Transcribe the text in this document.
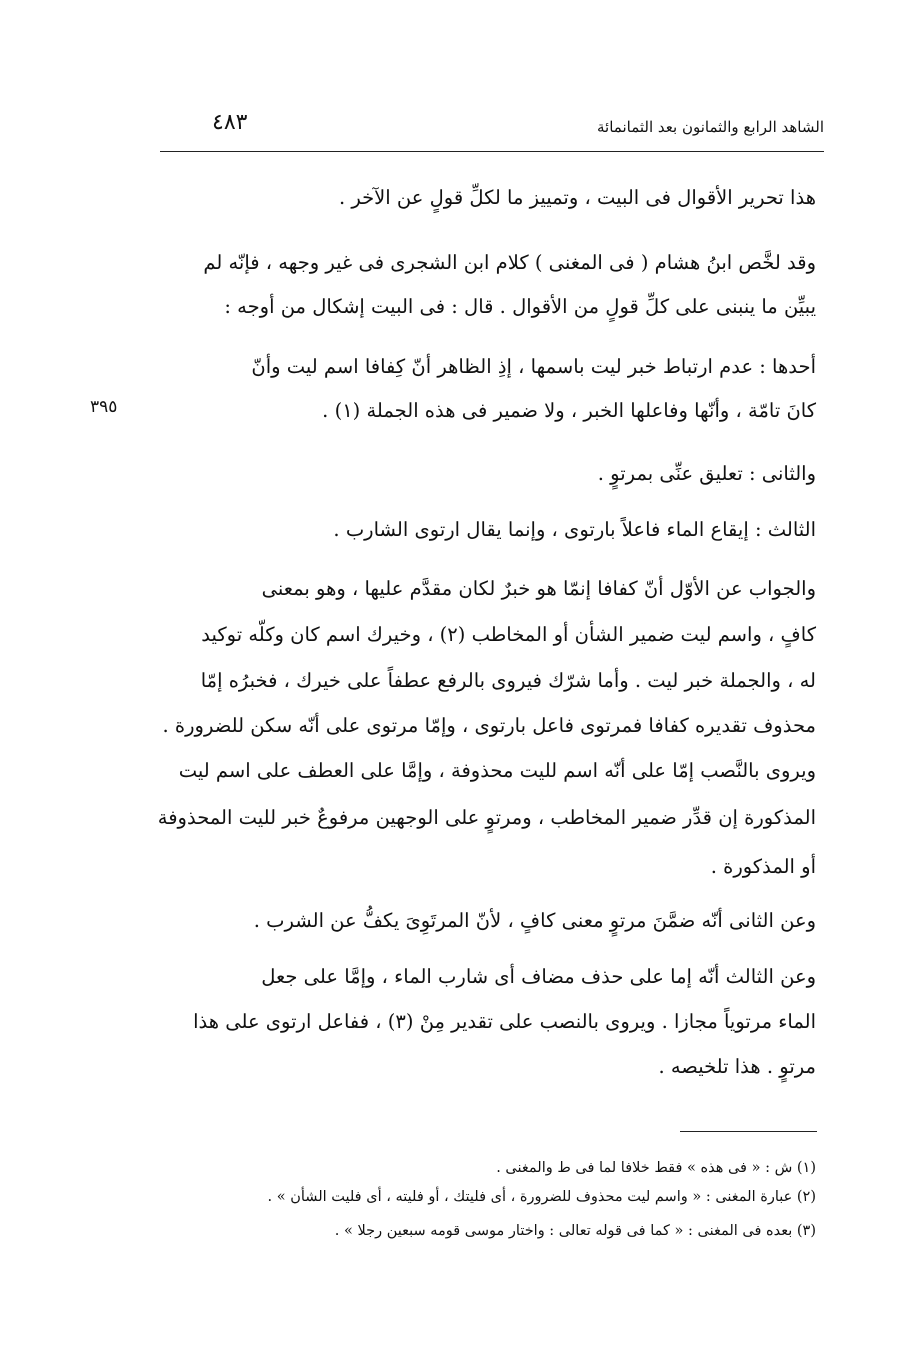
الشاهد الرابع والثمانون بعد الثمانمائة
٤٨٣
٣٩٥
هذا تحرير الأقوال فى البيت ، وتمييز ما لكلِّ قولٍ عن الآخر .
وقد لخَّص ابنُ هشام ( فى المغنى ) كلام ابن الشجرى فى غير وجهه ، فإنّه لم
يبيِّن ما ينبنى على كلِّ قولٍ من الأقوال . قال : فى البيت إشكال من أوجه :
أحدها : عدم ارتباط خبر ليت باسمها ، إذِ الظاهر أنّ كِفافا اسم ليت وأنّ
كانَ تامّة ، وأنّها وفاعلها الخبر ، ولا ضمير فى هذه الجملة (١) .
والثانى : تعليق عنِّى بمرتوٍ .
الثالث : إيقاع الماء فاعلاً بارتوى ، وإنما يقال ارتوى الشارب .
والجواب عن الأوّل أنّ كفافا إنمّا هو خبرٌ لكان مقدَّم عليها ، وهو بمعنى
كافٍ ، واسم ليت ضمير الشأن أو المخاطب (٢) ، وخيرك اسم كان وكلّه توكيد
له ، والجملة خبر ليت . وأما شرّك فيروى بالرفع عطفاً على خيرك ، فخبرُه إمّا
محذوف تقديره كفافا فمرتوى فاعل بارتوى ، وإمّا مرتوى على أنّه سكن للضرورة .
ويروى بالنَّصب إمّا على أنّه اسم لليت محذوفة ، وإمَّا على العطف على اسم ليت
المذكورة إن قدِّر ضمير المخاطب ، ومرتوٍ على الوجهين مرفوعٌ خبر لليت المحذوفة
أو المذكورة .
وعن الثانى أنّه ضمَّنَ مرتوٍ معنى كافٍ ، لأنّ المرتَوِىَ يكفُّ عن الشرب .
وعن الثالث أنّه إما على حذف مضاف أى شارب الماء ، وإمَّا على جعل
الماء مرتوياً مجازا . ويروى بالنصب على تقدير مِنْ (٣) ، ففاعل ارتوى على هذا
مرتوٍ . هذا تلخيصه .
(١) ش : « فى هذه » فقط خلافا لما فى ط والمغنى .
(٢) عبارة المغنى : « واسم ليت محذوف للضرورة ، أى فليتك ، أو فليته ، أى فليت الشأن » .
(٣) بعده فى المغنى : « كما فى قوله تعالى : واختار موسى قومه سبعين رجلا » .
